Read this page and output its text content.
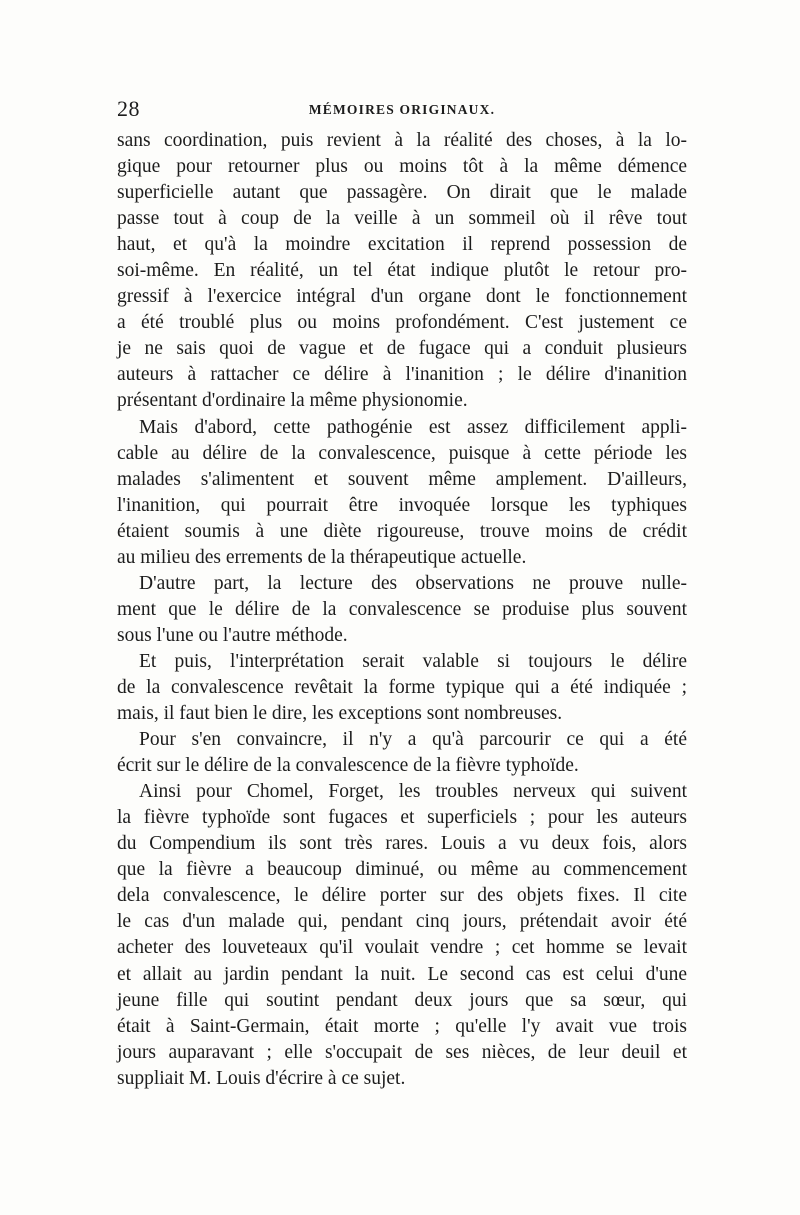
28	MÉMOIRES ORIGINAUX.
sans coordination, puis revient à la réalité des choses, à la lo-
gique pour retourner plus ou moins tôt à la même démence
superficielle autant que passagère. On dirait que le malade
passe tout à coup de la veille à un sommeil où il rêve tout
haut, et qu'à la moindre excitation il reprend possession de
soi-même. En réalité, un tel état indique plutôt le retour pro-
gressif à l'exercice intégral d'un organe dont le fonctionnement
a été troublé plus ou moins profondément. C'est justement ce
je ne sais quoi de vague et de fugace qui a conduit plusieurs
auteurs à rattacher ce délire à l'inanition ; le délire d'inanition
présentant d'ordinaire la même physionomie.
Mais d'abord, cette pathogénie est assez difficilement appli-
cable au délire de la convalescence, puisque à cette période les
malades s'alimentent et souvent même amplement. D'ailleurs,
l'inanition, qui pourrait être invoquée lorsque les typhiques
étaient soumis à une diète rigoureuse, trouve moins de crédit
au milieu des errements de la thérapeutique actuelle.
D'autre part, la lecture des observations ne prouve nulle-
ment que le délire de la convalescence se produise plus souvent
sous l'une ou l'autre méthode.
Et puis, l'interprétation serait valable si toujours le délire
de la convalescence revêtait la forme typique qui a été indiquée ;
mais, il faut bien le dire, les exceptions sont nombreuses.
Pour s'en convaincre, il n'y a qu'à parcourir ce qui a été
écrit sur le délire de la convalescence de la fièvre typhoïde.
Ainsi pour Chomel, Forget, les troubles nerveux qui suivent
la fièvre typhoïde sont fugaces et superficiels ; pour les auteurs
du Compendium ils sont très rares. Louis a vu deux fois, alors
que la fièvre a beaucoup diminué, ou même au commencement
dela convalescence, le délire porter sur des objets fixes. Il cite
le cas d'un malade qui, pendant cinq jours, prétendait avoir été
acheter des louveteaux qu'il voulait vendre ; cet homme se levait
et allait au jardin pendant la nuit. Le second cas est celui d'une
jeune fille qui soutint pendant deux jours que sa sœur, qui
était à Saint-Germain, était morte ; qu'elle l'y avait vue trois
jours auparavant ; elle s'occupait de ses nièces, de leur deuil et
suppliait M. Louis d'écrire à ce sujet.
